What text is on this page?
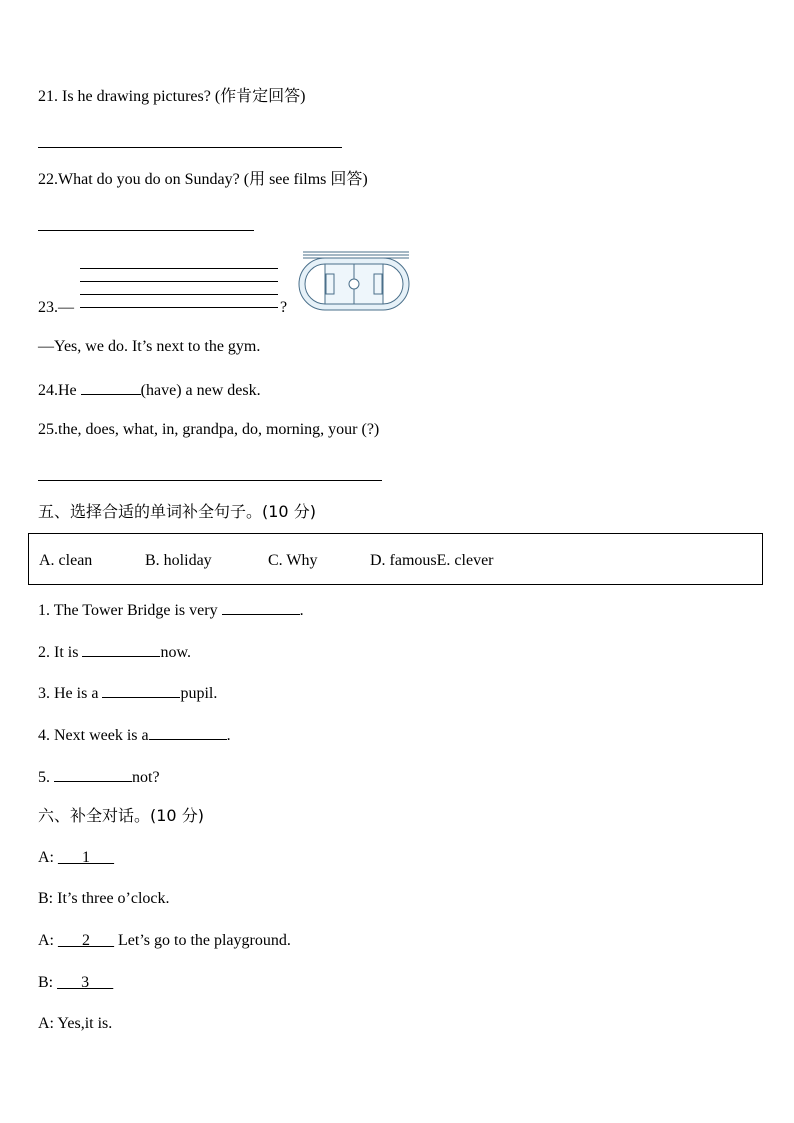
21. Is he drawing pictures? (作肯定回答)
22.What do you do on Sunday? (用 see films 回答)
23.—	?
—Yes, we do. It’s next to the gym.
24.He	(have) a new desk.
25.the, does, what, in, grandpa, do, morning, your (?)
五、选择合适的单词补全句子。(10 分)
A. clean	B. holiday	C. Why	D. famousE. clever
1. The Tower Bridge is very	.
2. It is	now.
3. He is a	pupil.
4. Next week is a	.
5.	not?
六、补全对话。(10 分)
A: ___1___
B: It’s three o’clock.
A: ___2___ Let’s go to the playground.
B: ___3___
A: Yes,it is.
